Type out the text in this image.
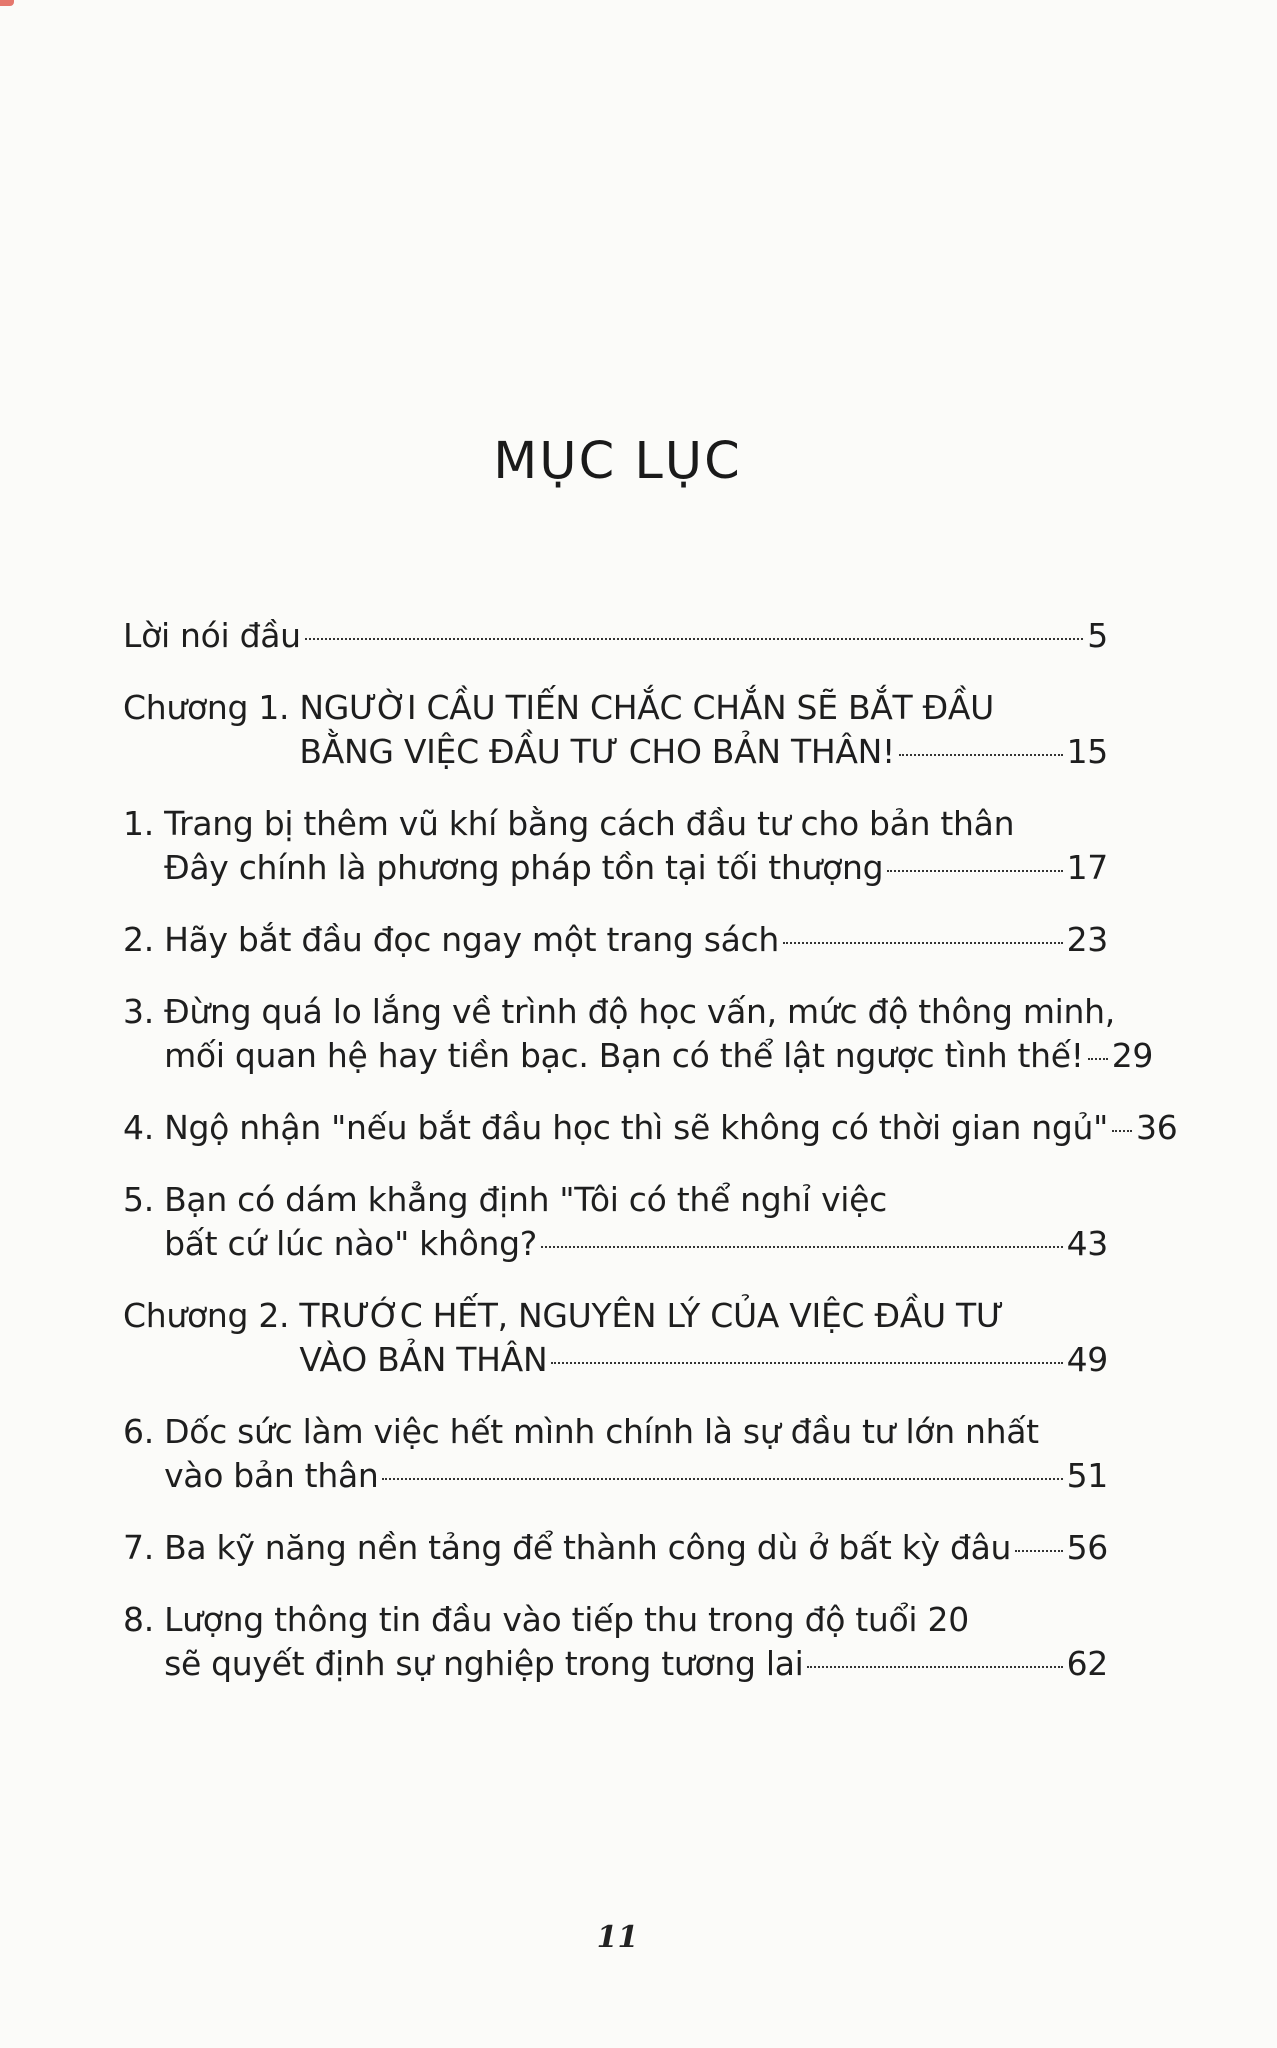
MỤC LỤC
Lời nói đầu	5
Chương 1. NGƯỜI CẦU TIẾN CHẮC CHẮN SẼ BẮT ĐẦU
BẰNG VIỆC ĐẦU TƯ CHO BẢN THÂN!	15
1. Trang bị thêm vũ khí bằng cách đầu tư cho bản thân
Đây chính là phương pháp tồn tại tối thượng	17
2. Hãy bắt đầu đọc ngay một trang sách	23
3. Đừng quá lo lắng về trình độ học vấn, mức độ thông minh,
mối quan hệ hay tiền bạc. Bạn có thể lật ngược tình thế! 29
4. Ngộ nhận "nếu bắt đầu học thì sẽ không có thời gian ngủ" 36
5. Bạn có dám khẳng định "Tôi có thể nghỉ việc
bất cứ lúc nào" không?	43
Chương 2. TRƯỚC HẾT, NGUYÊN LÝ CỦA VIỆC ĐẦU TƯ
VÀO BẢN THÂN	49
6. Dốc sức làm việc hết mình chính là sự đầu tư lớn nhất
vào bản thân	51
7. Ba kỹ năng nền tảng để thành công dù ở bất kỳ đâu 56
8. Lượng thông tin đầu vào tiếp thu trong độ tuổi 20
sẽ quyết định sự nghiệp trong tương lai	62
11
